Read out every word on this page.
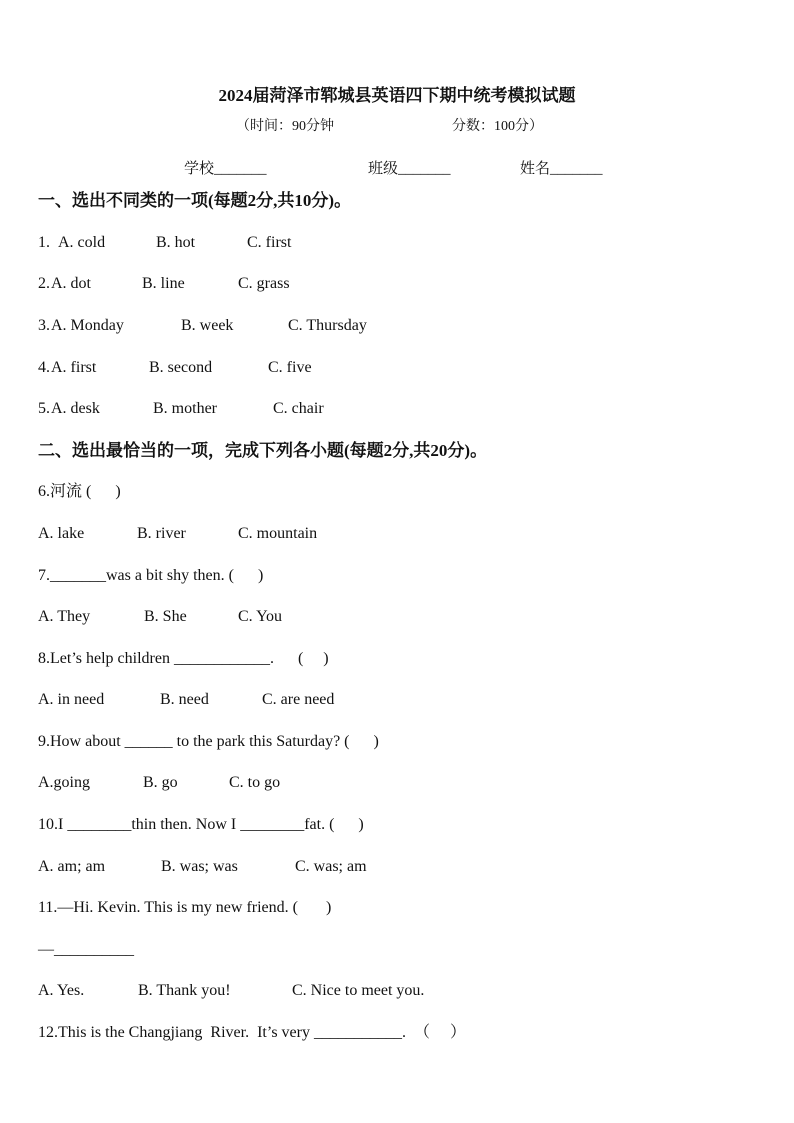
2024届菏泽市郓城县英语四下期中统考模拟试题
（时间：90分钟	分数：100分）
学校_______	班级_______	姓名_______
一、选出不同类的一项(每题2分,共10分)。
1. A. cold	B. hot	C. first
2. A. dot	B. line	C. grass
3. A. Monday	B. week	C. Thursday
4. A. first	B. second	C. five
5. A. desk	B. mother	C. chair
二、选出最恰当的一项，完成下列各小题(每题2分,共20分)。
6.河流 (      )
A. lake	B. river	C. mountain
7._______was a bit shy then. (      )
A. They	B. She	C. You
8.Let’s help children ____________.      (     )
A. in need	B. need	C. are need
9.How about ______ to the park this Saturday? (      )
A.going	B. go	C. to go
10.I ________thin then. Now I ________fat. (      )
A. am; am	B. was; was	C. was; am
11.—Hi. Kevin. This is my new friend. (       )
—__________
A. Yes.	B. Thank you!	C. Nice to meet you.
12.This is the Changjiang  River.  It’s very ___________.  （     ）
